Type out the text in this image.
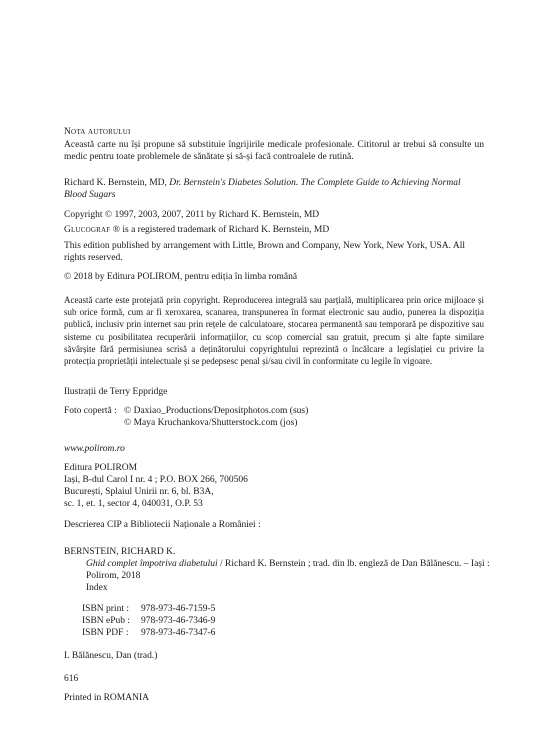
Nota autorului

Această carte nu își propune să substituie îngrijirile medicale profesionale. Cititorul ar trebui să consulte un medic pentru toate problemele de sănătate și să-și facă controalele de rutină.

Richard K. Bernstein, MD, Dr. Bernstein's Diabetes Solution. The Complete Guide to Achieving Normal Blood Sugars

Copyright © 1997, 2003, 2007, 2011 by Richard K. Bernstein, MD

Glucograf ® is a registered trademark of Richard K. Bernstein, MD

This edition published by arrangement with Little, Brown and Company, New York, New York, USA. All rights reserved.

© 2018 by Editura POLIROM, pentru ediția în limba română

Această carte este protejată prin copyright. Reproducerea integrală sau parțială, multiplicarea prin orice mijloace și sub orice formă, cum ar fi xeroxarea, scanarea, transpunerea în format electronic sau audio, punerea la dispoziția publică, inclusiv prin internet sau prin rețele de calculatoare, stocarea permanentă sau temporară pe dispozitive sau sisteme cu posibilitatea recuperării informațiilor, cu scop comercial sau gratuit, precum și alte fapte similare săvârșite fără permisiunea scrisă a deținătorului copyrightului reprezintă o încălcare a legislației cu privire la protecția proprietății intelectuale și se pedepsesc penal și/sau civil în conformitate cu legile în vigoare.

Ilustrații de Terry Eppridge

Foto copertă : © Daxiao_Productions/Depositphotos.com (sus)
© Maya Kruchankova/Shutterstock.com (jos)

www.polirom.ro

Editura POLIROM
Iași, B-dul Carol I nr. 4 ; P.O. BOX 266, 700506
București, Splaiul Unirii nr. 6, bl. B3A,
sc. 1, et. 1, sector 4, 040031, O.P. 53

Descrierea CIP a Bibliotecii Naționale a României :

BERNSTEIN, RICHARD K.

Ghid complet împotriva diabetului / Richard K. Bernstein ; trad. din lb. engleză de Dan Bălănescu. – Iași : Polirom, 2018

Index

ISBN print : 978-973-46-7159-5
ISBN ePub : 978-973-46-7346-9
ISBN PDF : 978-973-46-7347-6

I. Bălănescu, Dan (trad.)

616

Printed in ROMANIA
